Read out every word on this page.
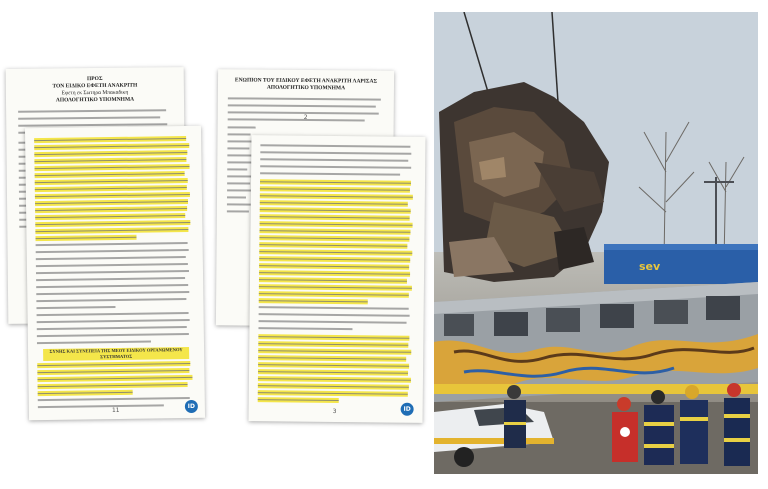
ΠΡΟΣ
ΤΟΝ ΕΙΔΙΚΟ ΕΦΕΤΗ ΑΝΑΚΡΙΤΗ
Εφετη εκ Σωτηρα Μπακαδικη
ΑΠΟΛΟΓΗΤΙΚΟ ΥΠΟΜΝΗΜΑ
ΕΝΩΠΙΟΝ ΤΟΥ ΕΙΔΙΚΟΥ ΕΦΕΤΗ ΑΝΑΚΡΙΤΗ ΛΑΡΙΣΑΣ
ΑΠΟΛΟΓΗΤΙΚΟ ΥΠΟΜΝΗΜΑ
2
ΣΥΝΗΣ ΚΑΙ ΣΥΝΕΠΕΙΑ ΤΗΣ ΜΕΟΥ ΕΙΔΙΚΟΥ ΟΡΓΑΝΩΜΕΝΟΥ ΣΥΣΤΗΜΑΤΟΣ
11
ID
3	ID
sev
